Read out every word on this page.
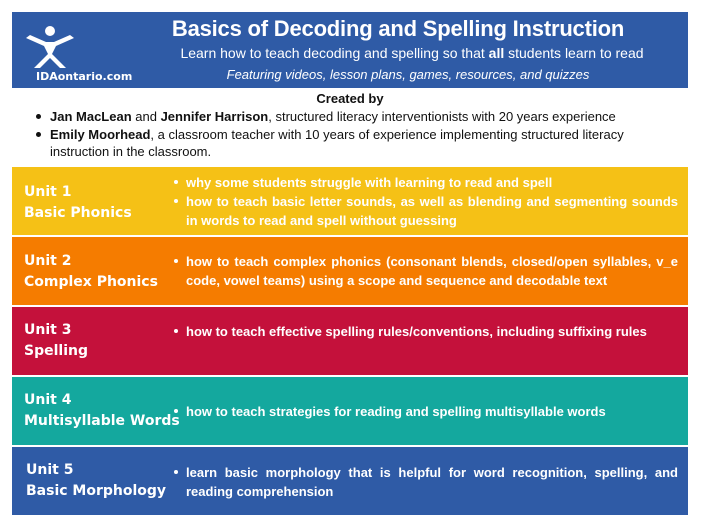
IDAontario.com
Basics of Decoding and Spelling Instruction
Learn how to teach decoding and spelling so that all students learn to read
Featuring videos, lesson plans, games, resources, and quizzes
Created by
Jan MacLean and Jennifer Harrison, structured literacy interventionists with 20 years experience
Emily Moorhead, a classroom teacher with 10 years of experience implementing structured literacy instruction in the classroom.
Unit 1
Basic Phonics
why some students struggle with learning to read and spell
how to teach basic letter sounds, as well as blending and segmenting sounds in words to read and spell without guessing
Unit 2
Complex Phonics
how to teach complex phonics (consonant blends, closed/open syllables, v_e code, vowel teams) using a scope and sequence and decodable text
Unit 3
Spelling
how to teach effective spelling rules/conventions, including suffixing rules
Unit 4
Multisyllable Words
how to teach strategies for reading and spelling multisyllable words
Unit 5
Basic Morphology
learn basic morphology that is helpful for word recognition, spelling, and reading comprehension
